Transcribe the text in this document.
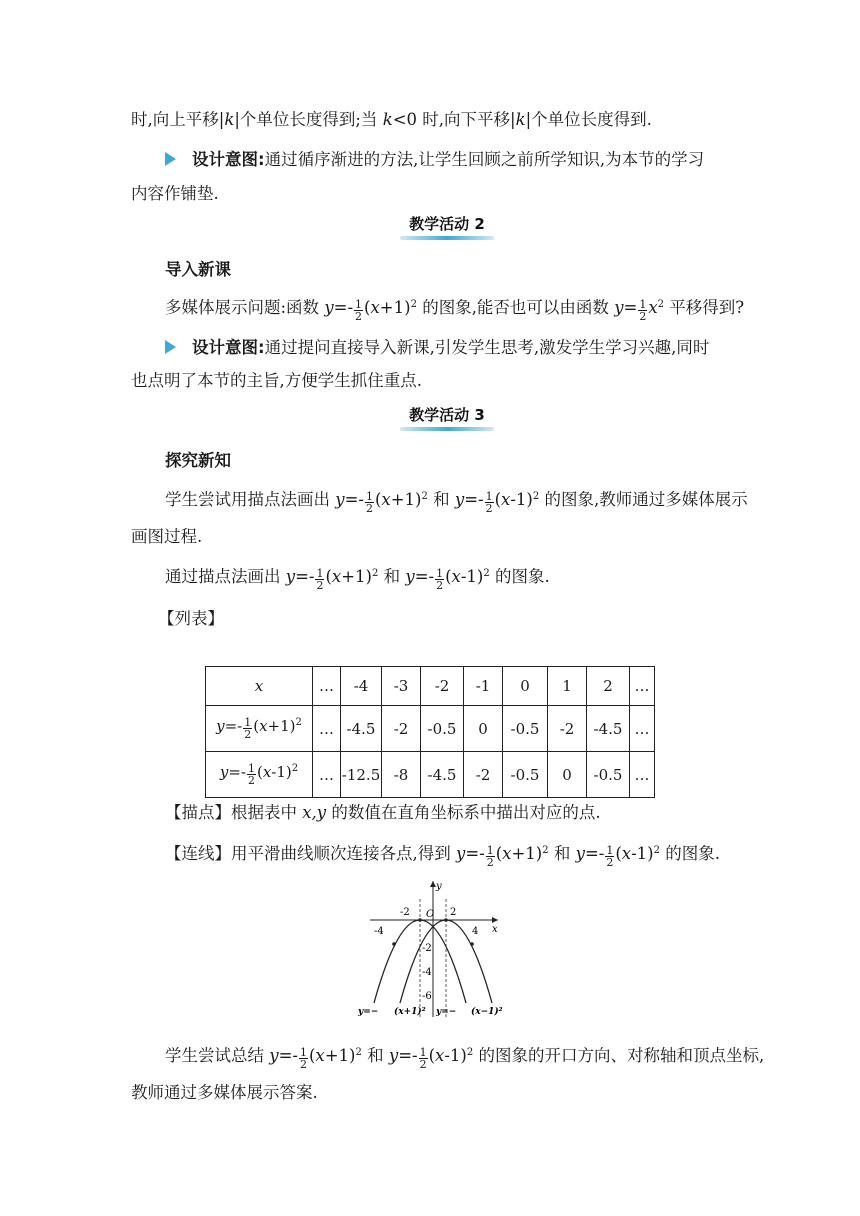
时,向上平移|k|个单位长度得到;当 k<0 时,向下平移|k|个单位长度得到.
设计意图:通过循序渐进的方法,让学生回顾之前所学知识,为本节的学习
内容作铺垫.
教学活动 2
导入新课
多媒体展示问题:函数 $y=- \frac{1}{2} (x+1)^2$ 的图象,能否也可以由函数 $y= \frac{1}{2} x^2$ 平移得到?
设计意图:通过提问直接导入新课,引发学生思考,激发学生学习兴趣,同时
也点明了本节的主旨,方便学生抓住重点.
教学活动 3
探究新知
学生尝试用描点法画出 $y=- \frac{1}{2} (x+1)^2$ 和 $y=- \frac{1}{2} (x-1)^2$ 的图象,教师通过多媒体展示
画图过程.
通过描点法画出 $y=- \frac{1}{2} (x+1)^2$ 和 $y=- \frac{1}{2} (x-1)^2$ 的图象.
【列表】
x	…	-4	-3	-2	-1	0	1	2	…
$y=- \frac{1}{2} (x+1)^2$	…	-4.5	-2	-0.5	0	-0.5	-2	-4.5	…
$y=- \frac{1}{2} (x-1)^2$	…	-12.5	-8	-4.5	-2	-0.5	0	-0.5	…
【描点】根据表中 x,y 的数值在直角坐标系中描出对应的点.
【连线】用平滑曲线顺次连接各点,得到 $y=- \frac{1}{2} (x+1)^2$ 和 $y=- \frac{1}{2} (x-1)^2$ 的图象.
y
x
O
-4
-2	2
4
-2
-4
-6
y=− (x+1)² y=− (x−1)²
学生尝试总结 $y=- \frac{1}{2} (x+1)^2$ 和 $y=- \frac{1}{2} (x-1)^2$ 的图象的开口方向、对称轴和顶点坐标,
教师通过多媒体展示答案.
